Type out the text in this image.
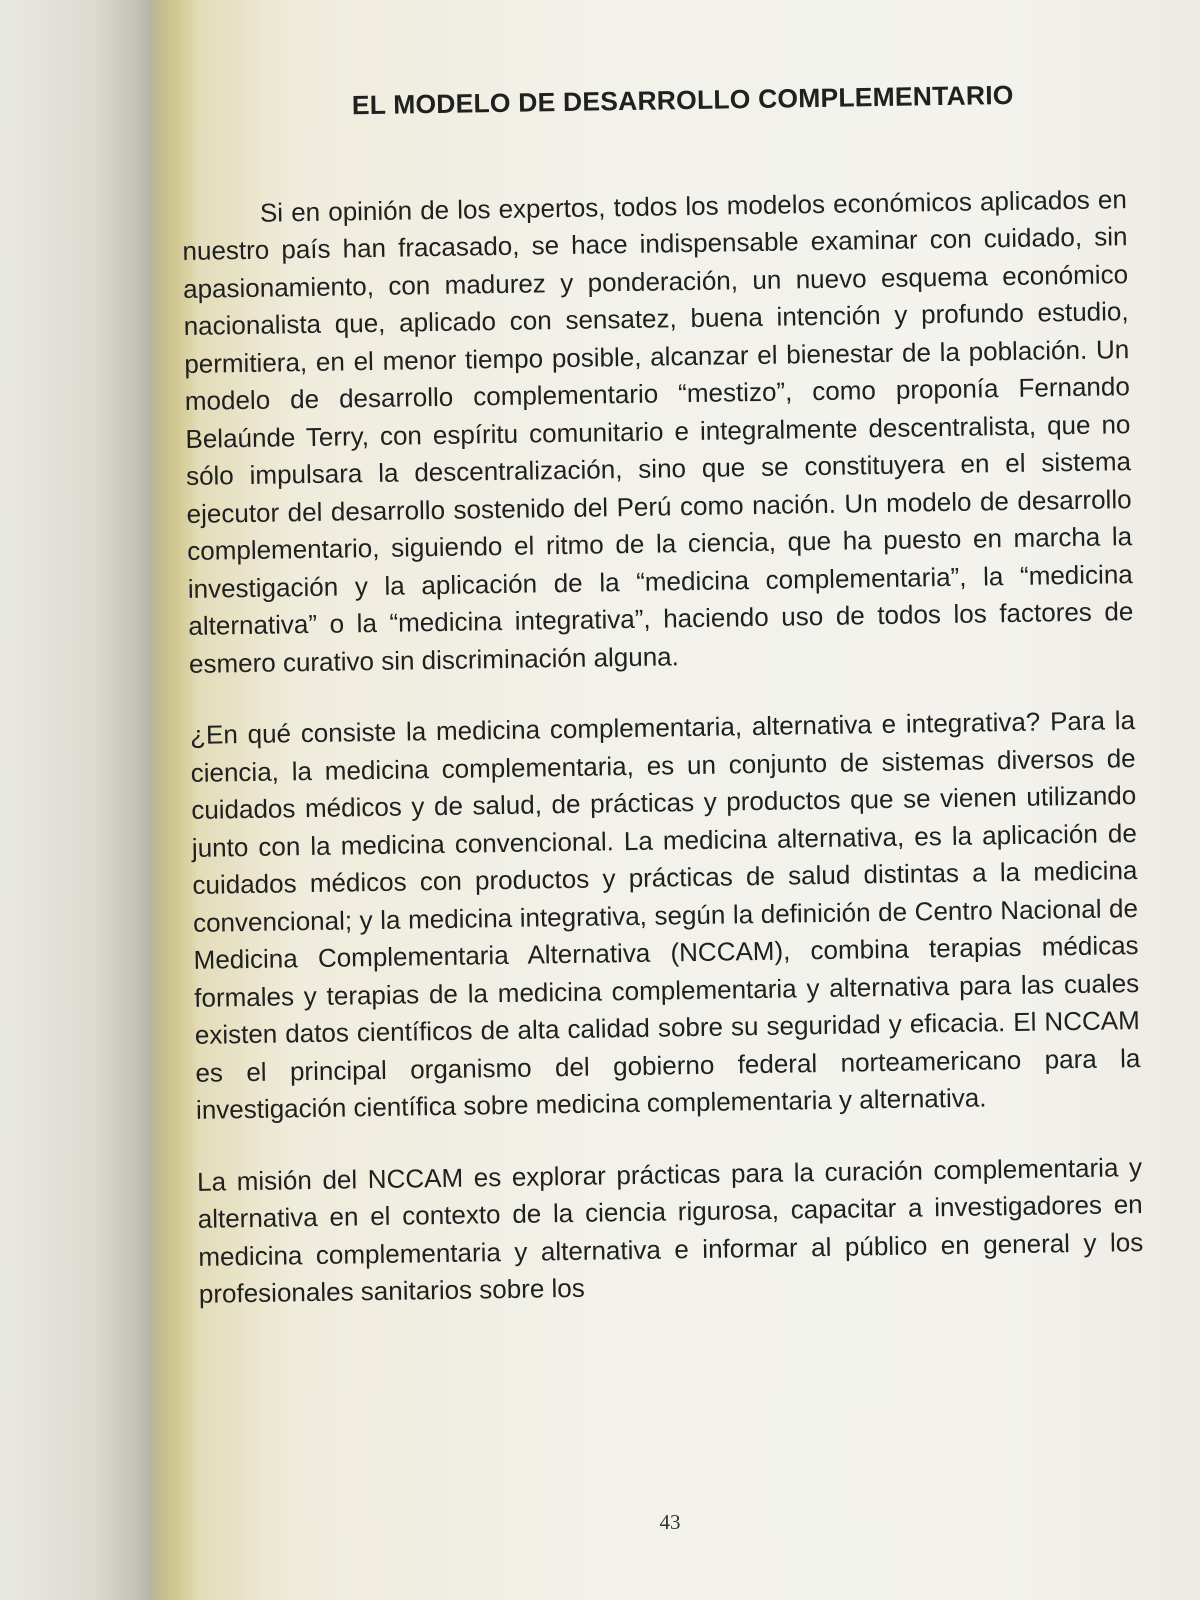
EL MODELO DE DESARROLLO COMPLEMENTARIO

Si en opinión de los expertos, todos los modelos económicos aplicados en nuestro país han fracasado, se hace indispensable examinar con cuidado, sin apasionamiento, con madurez y ponderación, un nuevo esquema económico nacionalista que, aplicado con sensatez, buena intención y profundo estudio, permitiera, en el menor tiempo posible, alcanzar el bienestar de la población. Un modelo de desarrollo complementario “mestizo”, como proponía Fernando Belaúnde Terry, con espíritu comunitario e integralmente descentralista, que no sólo impulsara la descentralización, sino que se constituyera en el sistema ejecutor del desarrollo sostenido del Perú como nación. Un modelo de desarrollo complementario, siguiendo el ritmo de la ciencia, que ha puesto en marcha la investigación y la aplicación de la “medicina complementaria”, la “medicina alternativa” o la “medicina integrativa”, haciendo uso de todos los factores de esmero curativo sin discriminación alguna.

¿En qué consiste la medicina complementaria, alternativa e integrativa? Para la ciencia, la medicina complementaria, es un conjunto de sistemas diversos de cuidados médicos y de salud, de prácticas y productos que se vienen utilizando junto con la medicina convencional. La medicina alternativa, es la aplicación de cuidados médicos con productos y prácticas de salud distintas a la medicina convencional; y la medicina integrativa, según la definición de Centro Nacional de Medicina Complementaria Alternativa (NCCAM), combina terapias médicas formales y terapias de la medicina complementaria y alternativa para las cuales existen datos científicos de alta calidad sobre su seguridad y eficacia. El NCCAM es el principal organismo del gobierno federal norteamericano para la investigación científica sobre medicina complementaria y alternativa.

La misión del NCCAM es explorar prácticas para la curación complementaria y alternativa en el contexto de la ciencia rigurosa, capacitar a investigadores en medicina complementaria y alternativa e informar al público en general y los profesionales sanitarios sobre los

43
